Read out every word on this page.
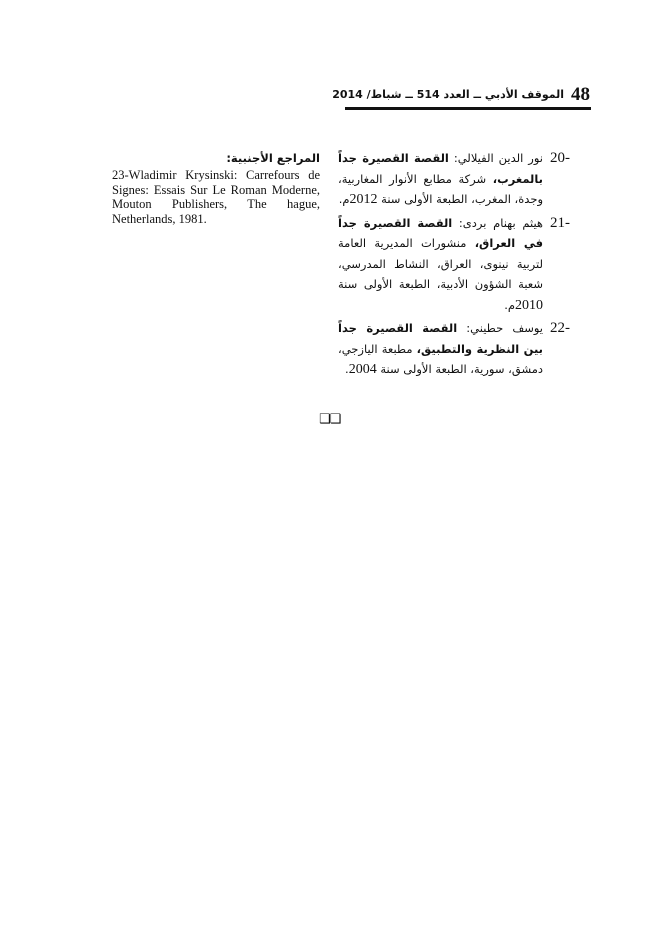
48
الموقف الأدبي ــ العدد 514 ــ شباط/ 2014
20-
نور الدين الفيلالي: القصة القصيرة جداً بالمغرب، شركة مطابع الأنوار المغاربية، وجدة، المغرب، الطبعة الأولى سنة 2012م.
21-
هيثم بهنام بردى: القصة القصيرة جداً في العراق، منشورات المديرية العامة لتربية نينوى، العراق، النشاط المدرسي، شعبة الشؤون الأدبية، الطبعة الأولى سنة 2010م.
22-
يوسف حطيني: القصة القصيرة جداً بين النظرية والتطبيق، مطبعة اليازجي، دمشق، سورية، الطبعة الأولى سنة 2004.
المراجع الأجنبية:
23-Wladimir Krysinski: Carrefours de Signes: Essais Sur Le Roman Moderne, Mouton Publishers, The hague, Netherlands, 1981.
❑❑
